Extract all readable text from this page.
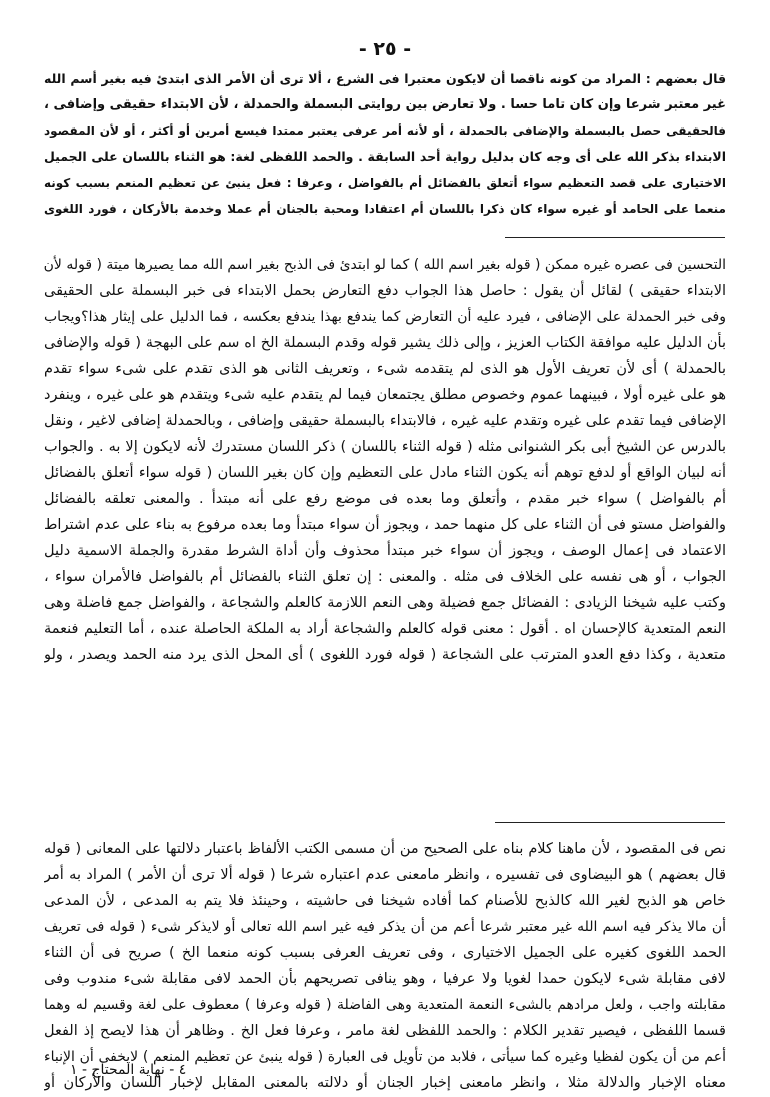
- ٢٥ -
قال بعضهم : المراد من كونه ناقصا أن لايكون معتبرا فى الشرع ، ألا ترى أن الأمر الذى ابتدئ فيه بغير أسم الله
غير معتبر شرعا وإن كان تاما حسا . ولا تعارض بين روايتى البسملة والحمدلة ، لأن الابتداء حقيقى وإضافى ،
فالحقيقى حصل بالبسملة والإضافى بالحمدلة ، أو لأنه أمر عرفى يعتبر ممتدا فيسع أمرين أو أكثر ، أو لأن المقصود
الابتداء بذكر الله على أى وجه كان بدليل رواية أحد السابقة . والحمد اللفظى لغة: هو الثناء باللسان على الجميل
الاختيارى على قصد التعظيم سواء أتعلق بالفضائل أم بالفواضل ، وعرفا : فعل ينبئ عن تعظيم المنعم بسبب كونه
منعما على الحامد أو غيره سواء كان ذكرا باللسان أم اعتقادا ومحبة بالجنان أم عملا وخدمة بالأركان ، فورد اللغوى
التحسين فى عصره غيره ممكن ( قوله بغير اسم الله ) كما لو ابتدئ فى الذبح بغير اسم الله مما يصيرها ميتة ( قوله لأن
الابتداء حقيقى ) لقائل أن يقول : حاصل هذا الجواب دفع التعارض بحمل الابتداء فى خبر البسملة على الحقيقى
وفى خبر الحمدلة على الإضافى ، فيرد عليه أن التعارض كما يندفع بهذا يندفع بعكسه ، فما الدليل على إيثار هذا؟ويجاب
بأن الدليل عليه موافقة الكتاب العزيز ، وإلى ذلك يشير قوله وقدم البسملة الخ اه سم على البهجة ( قوله والإضافى
بالحمدلة ) أى لأن تعريف الأول هو الذى لم يتقدمه شىء ، وتعريف الثانى هو الذى تقدم على شىء سواء تقدم
هو على غيره أولا ، فبينهما عموم وخصوص مطلق يجتمعان فيما لم يتقدم عليه شىء ويتقدم هو على غيره ، وينفرد
الإضافى فيما تقدم على غيره وتقدم عليه غيره ، فالابتداء بالبسملة حقيقى وإضافى ، وبالحمدلة إضافى لاغير ، ونقل
بالدرس عن الشيخ أبى بكر الشنوانى مثله ( قوله الثناء باللسان ) ذكر اللسان مستدرك لأنه لايكون إلا به . والجواب
أنه لبيان الواقع أو لدفع توهم أنه يكون الثناء مادل على التعظيم وإن كان بغير اللسان ( قوله سواء أتعلق بالفضائل
أم بالفواضل ) سواء خبر مقدم ، وأتعلق وما بعده فى موضع رفع على أنه مبتدأ . والمعنى تعلقه بالفضائل
والفواضل مستو فى أن الثناء على كل منهما حمد ، ويجوز أن سواء مبتدأ وما بعده مرفوع به بناء على عدم اشتراط
الاعتماد فى إعمال الوصف ، ويجوز أن سواء خبر مبتدأ محذوف وأن أداة الشرط مقدرة والجملة الاسمية دليل
الجواب ، أو هى نفسه على الخلاف فى مثله . والمعنى : إن تعلق الثناء بالفضائل أم بالفواضل فالأمران سواء ،
وكتب عليه شيخنا الزيادى : الفضائل جمع فضيلة وهى النعم اللازمة كالعلم والشجاعة ، والفواضل جمع فاضلة وهى
النعم المتعدية كالإحسان اه . أقول : معنى قوله كالعلم والشجاعة أراد به الملكة الحاصلة عنده ، أما التعليم فنعمة
متعدية ، وكذا دفع العدو المترتب على الشجاعة ( قوله فورد اللغوى ) أى المحل الذى يرد منه الحمد ويصدر ، ولو
نص فى المقصود ، لأن ماهنا كلام بناه على الصحيح من أن مسمى الكتب الألفاظ باعتبار دلالتها على المعانى ( قوله
قال بعضهم ) هو البيضاوى فى تفسيره ، وانظر مامعنى عدم اعتباره شرعا ( قوله ألا ترى أن الأمر ) المراد به أمر
خاص هو الذبح لغير الله كالذبح للأصنام كما أفاده شيخنا فى حاشيته ، وحينئذ فلا يتم به المدعى ، لأن المدعى
أن مالا يذكر فيه اسم الله غير معتبر شرعا أعم من أن يذكر فيه غير اسم الله تعالى أو لايذكر شىء ( قوله فى تعريف
الحمد اللغوى كغيره على الجميل الاختيارى ، وفى تعريف العرفى بسبب كونه منعما الخ ) صريح فى أن الثناء
لافى مقابلة شىء لايكون حمدا لغويا ولا عرفيا ، وهو ينافى تصريحهم بأن الحمد لافى مقابلة شىء مندوب وفى
مقابلته واجب ، ولعل مرادهم بالشىء النعمة المتعدية وهى الفاضلة ( قوله وعرفا ) معطوف على لغة وقسيم له وهما
قسما اللفظى ، فيصير تقدير الكلام : والحمد اللفظى لغة مامر ، وعرفا فعل الخ . وظاهر أن هذا لايصح إذ الفعل
أعم من أن يكون لفظيا وغيره كما سيأتى ، فلابد من تأويل فى العبارة ( قوله ينبئ عن تعظيم المنعم ) لايخفى أن الإنباء
معناه الإخبار والدلالة مثلا ، وانظر مامعنى إخبار الجنان أو دلالته بالمعنى المقابل لإخبار اللسان والأركان أو
٤ - نهاية المحتاج - ١
